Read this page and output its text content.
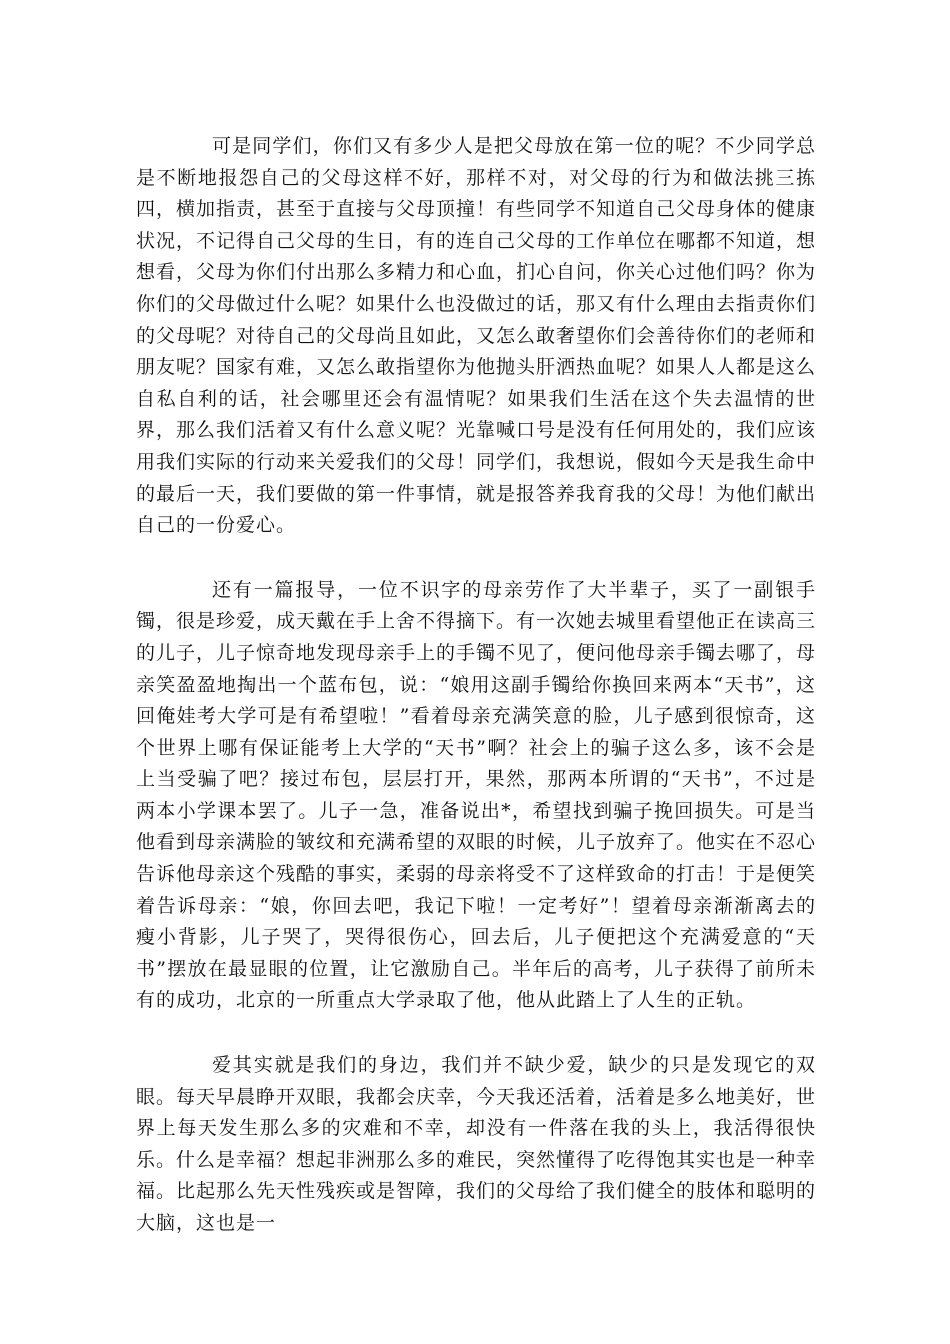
可是同学们，你们又有多少人是把父母放在第一位的呢？不少同学总是不断地报怨自己的父母这样不好，那样不对，对父母的行为和做法挑三拣四，横加指责，甚至于直接与父母顶撞！有些同学不知道自己父母身体的健康状况，不记得自己父母的生日，有的连自己父母的工作单位在哪都不知道，想想看，父母为你们付出那么多精力和心血，扪心自问，你关心过他们吗？你为你们的父母做过什么呢？如果什么也没做过的话，那又有什么理由去指责你们的父母呢？对待自己的父母尚且如此，又怎么敢奢望你们会善待你们的老师和朋友呢？国家有难，又怎么敢指望你为他抛头肝洒热血呢？如果人人都是这么自私自利的话，社会哪里还会有温情呢？如果我们生活在这个失去温情的世界，那么我们活着又有什么意义呢？光靠喊口号是没有任何用处的，我们应该用我们实际的行动来关爱我们的父母！同学们，我想说，假如今天是我生命中的最后一天，我们要做的第一件事情，就是报答养我育我的父母！为他们献出自己的一份爱心。

还有一篇报导，一位不识字的母亲劳作了大半辈子，买了一副银手镯，很是珍爱，成天戴在手上舍不得摘下。有一次她去城里看望他正在读高三的儿子，儿子惊奇地发现母亲手上的手镯不见了，便问他母亲手镯去哪了，母亲笑盈盈地掏出一个蓝布包，说：“娘用这副手镯给你换回来两本“天书”，这回俺娃考大学可是有希望啦！”看着母亲充满笑意的脸，儿子感到很惊奇，这个世界上哪有保证能考上大学的“天书”啊？社会上的骗子这么多，该不会是上当受骗了吧？接过布包，层层打开，果然，那两本所谓的“天书”，不过是两本小学课本罢了。儿子一急，准备说出*，希望找到骗子挽回损失。可是当他看到母亲满脸的皱纹和充满希望的双眼的时候，儿子放弃了。他实在不忍心告诉他母亲这个残酷的事实，柔弱的母亲将受不了这样致命的打击！于是便笑着告诉母亲：“娘，你回去吧，我记下啦！一定考好”！望着母亲渐渐离去的瘦小背影，儿子哭了，哭得很伤心，回去后，儿子便把这个充满爱意的“天书”摆放在最显眼的位置，让它激励自己。半年后的高考，儿子获得了前所未有的成功，北京的一所重点大学录取了他，他从此踏上了人生的正轨。

爱其实就是我们的身边，我们并不缺少爱，缺少的只是发现它的双眼。每天早晨睁开双眼，我都会庆幸，今天我还活着，活着是多么地美好，世界上每天发生那么多的灾难和不幸，却没有一件落在我的头上，我活得很快乐。什么是幸福？想起非洲那么多的难民，突然懂得了吃得饱其实也是一种幸福。比起那么先天性残疾或是智障，我们的父母给了我们健全的肢体和聪明的大脑，这也是一
